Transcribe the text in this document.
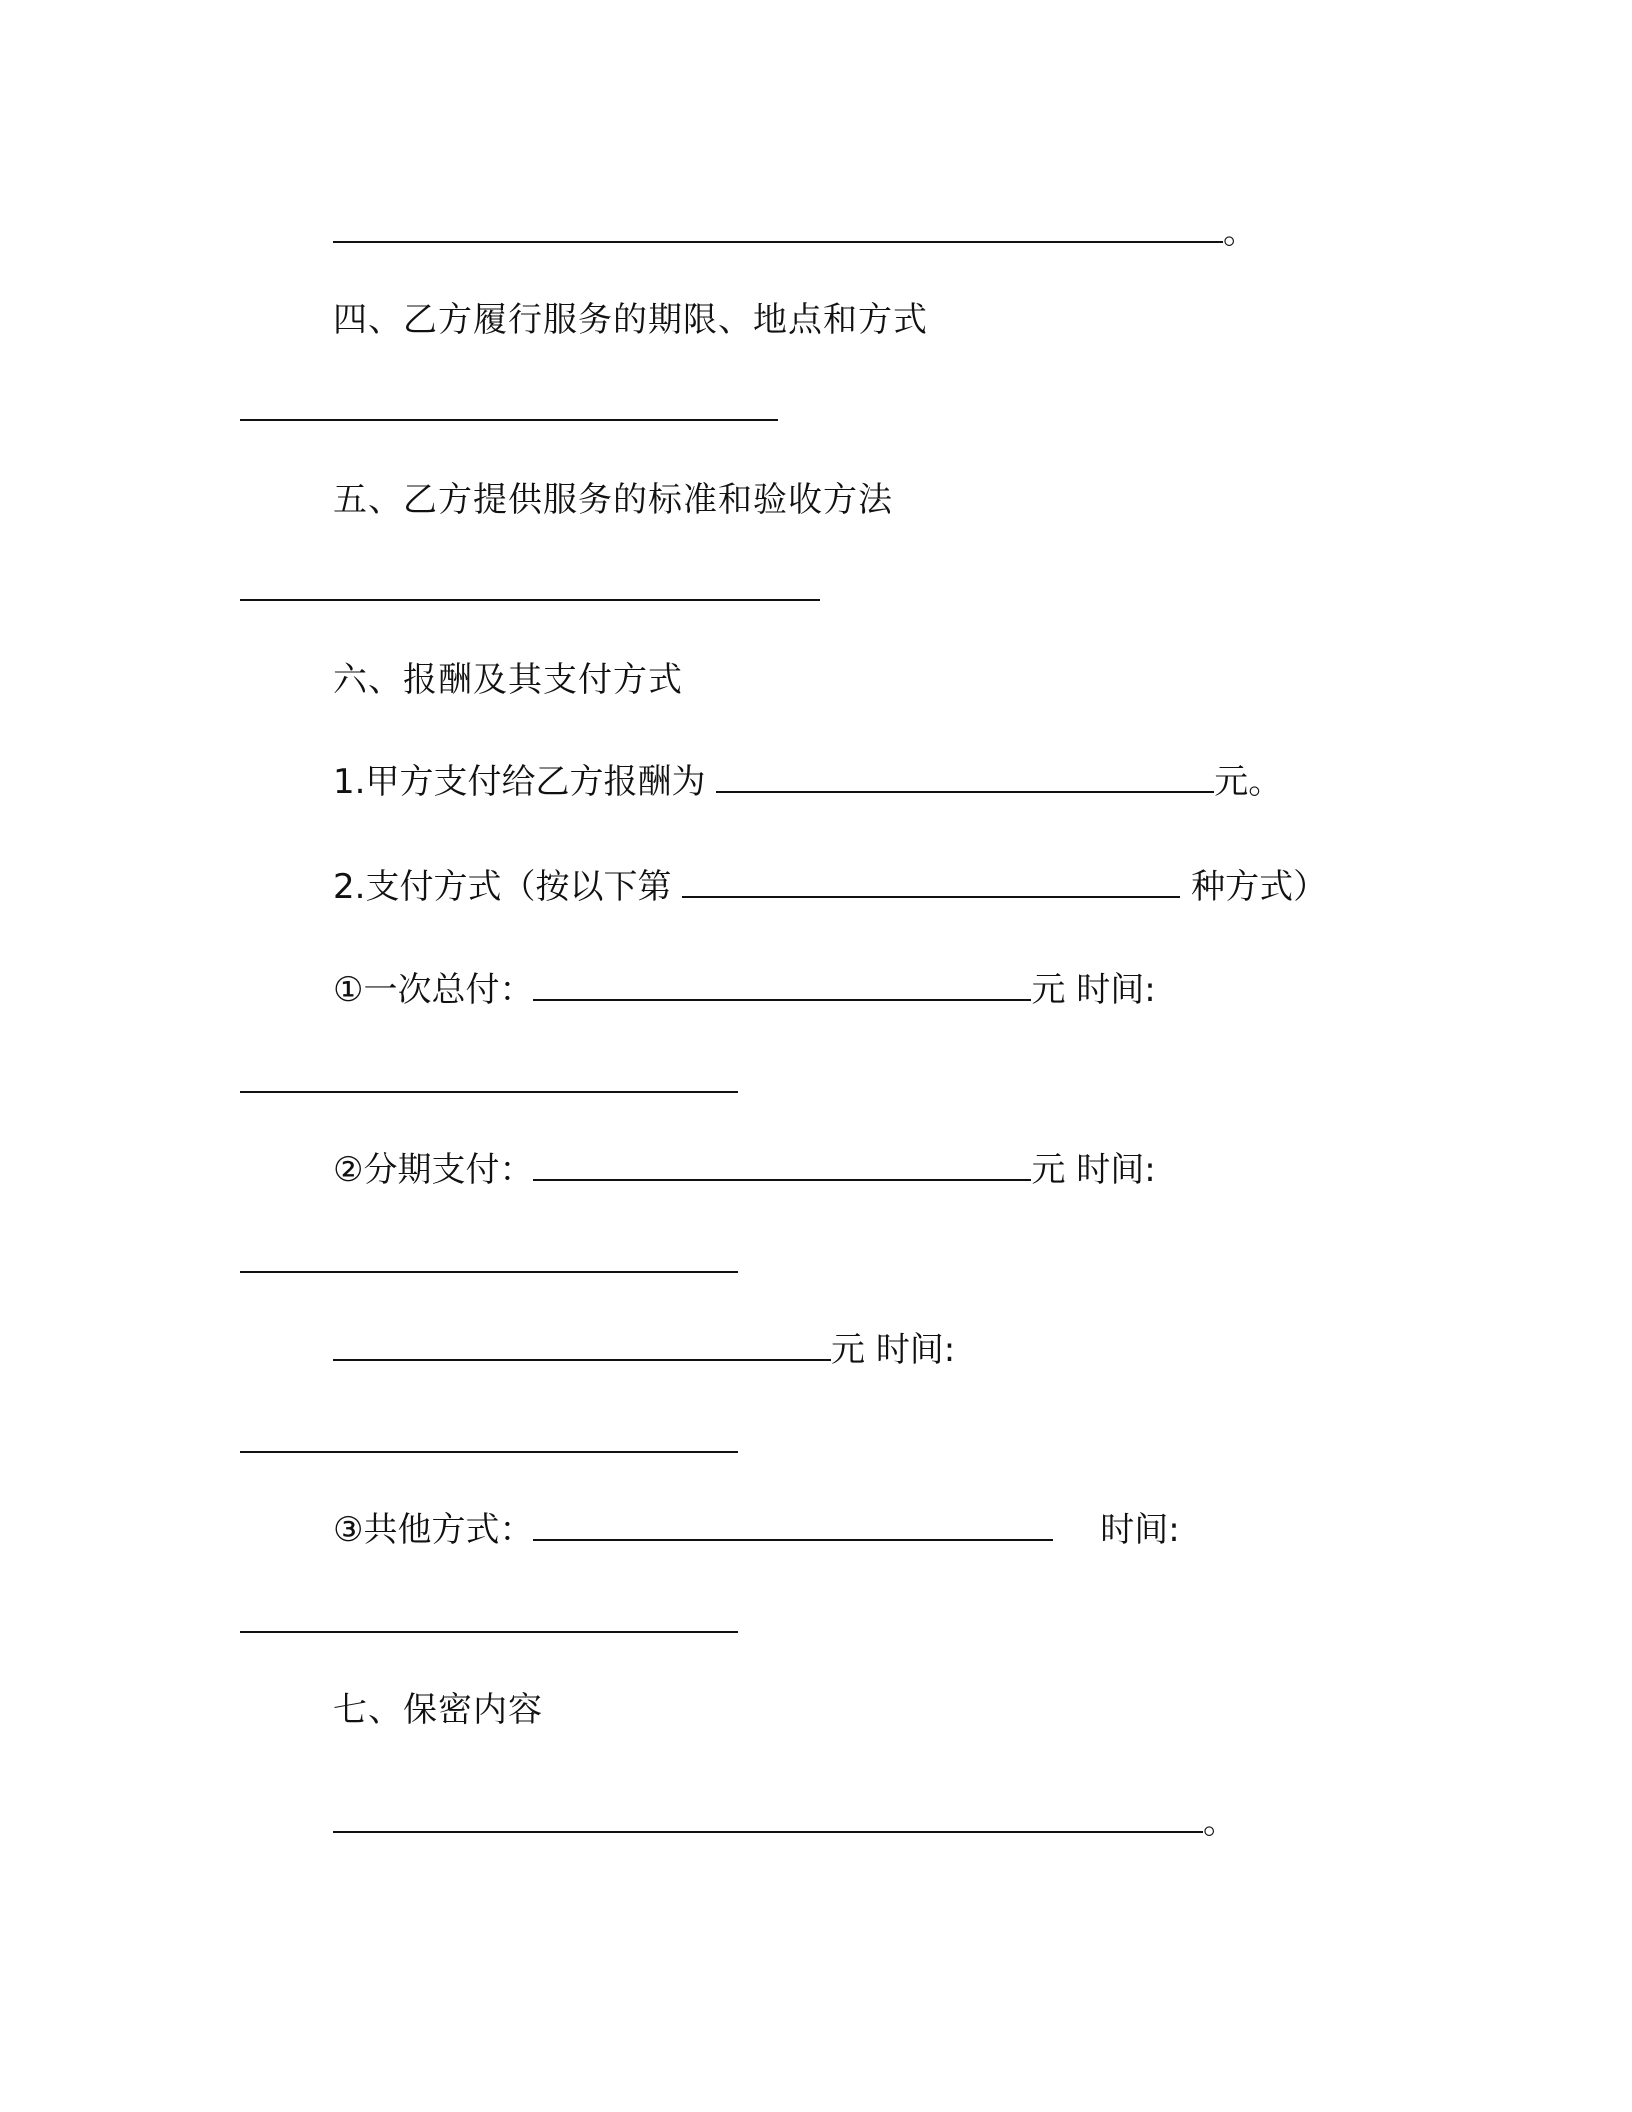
。
四、乙方履行服务的期限、地点和方式
五、乙方提供服务的标准和验收方法
六、报酬及其支付方式
1.甲方支付给乙方报酬为	元。
2.支付方式（按以下第	种方式）
①一次总付：	元 时间:
②分期支付：	元 时间:
元 时间:
③共他方式：	时间:
七、保密内容
。
